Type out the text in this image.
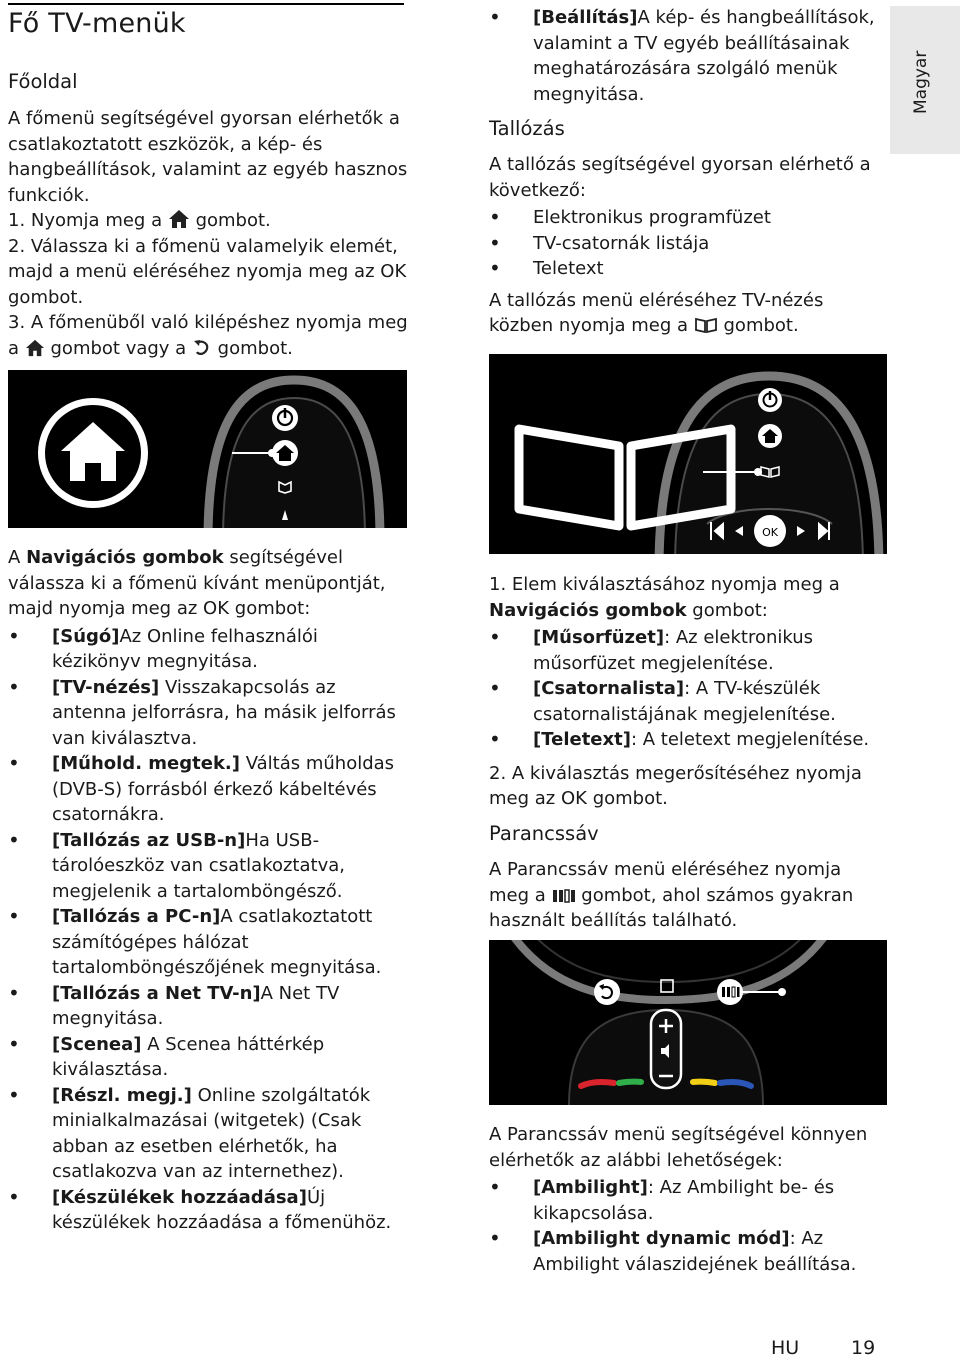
Fő TV-menük
Magyar
Főoldal

A főmenü segítségével gyorsan elérhetők a csatlakoztatott eszközök, a kép- és hangbeállítások, valamint az egyéb hasznos funkciók.

1. Nyomja meg a gombot.

2. Válassza ki a főmenü valamelyik elemét, majd a menü eléréséhez nyomja meg az OK
gombot.

3. A főmenüből való kilépéshez nyomja meg a gombot vagy a gombot.

A Navigációs gombok segítségével válassza ki a főmenü kívánt menüpontját, majd nyomja meg az OK gombot:

• [Súgó]Az Online felhasználói kézikönyv megnyitása.
• [TV-nézés] Visszakapcsolás az antenna jelforrásra, ha másik jelforrás van kiválasztva.
• [Műhold. megtek.] Váltás műholdas (DVB-S) forrásból érkező kábeltévés csatornákra.
• [Tallózás az USB-n]Ha USB-tárolóeszköz van csatlakoztatva, megjelenik a tartalomböngésző.
• [Tallózás a PC-n]A csatlakoztatott számítógépes hálózat tartalomböngészőjének megnyitása.
• [Tallózás a Net TV-n]A Net TV megnyitása.
• [Scenea] A Scenea háttérkép kiválasztása.
• [Részl. megj.] Online szolgáltatók minialkalmazásai (witgetek) (Csak abban az esetben elérhetők, ha csatlakozva van az internethez).
• [Készülékek hozzáadása]Új készülékek hozzáadása a főmenühöz.
• [Beállítás]A kép- és hangbeállítások, valamint a TV egyéb beállításainak meghatározására szolgáló menük megnyitása.
Tallózás

A tallózás segítségével gyorsan elérhető a következő:

• Elektronikus programfüzet
• TV-csatornák listája
• Teletext

A tallózás menü eléréséhez TV-nézés közben nyomja meg a gombot.

OK

1. Elem kiválasztásához nyomja meg a
Navigációs gombok gombot:

• [Műsorfüzet]: Az elektronikus műsorfüzet megjelenítése.
• [Csatornalista]: A TV-készülék csatornalistájának megjelenítése.
• [Teletext]: A teletext megjelenítése.

2. A kiválasztás megerősítéséhez nyomja meg az OK gombot.

Parancssáv

A Parancssáv menü eléréséhez nyomja meg a gombot, ahol számos gyakran használt beállítás található.

A Parancssáv menü segítségével könnyen elérhetők az alábbi lehetőségek:

• [Ambilight]: Az Ambilight be- és kikapcsolása.
• [Ambilight dynamic mód]: Az Ambilight válaszidejének beállítása.
HU	19
